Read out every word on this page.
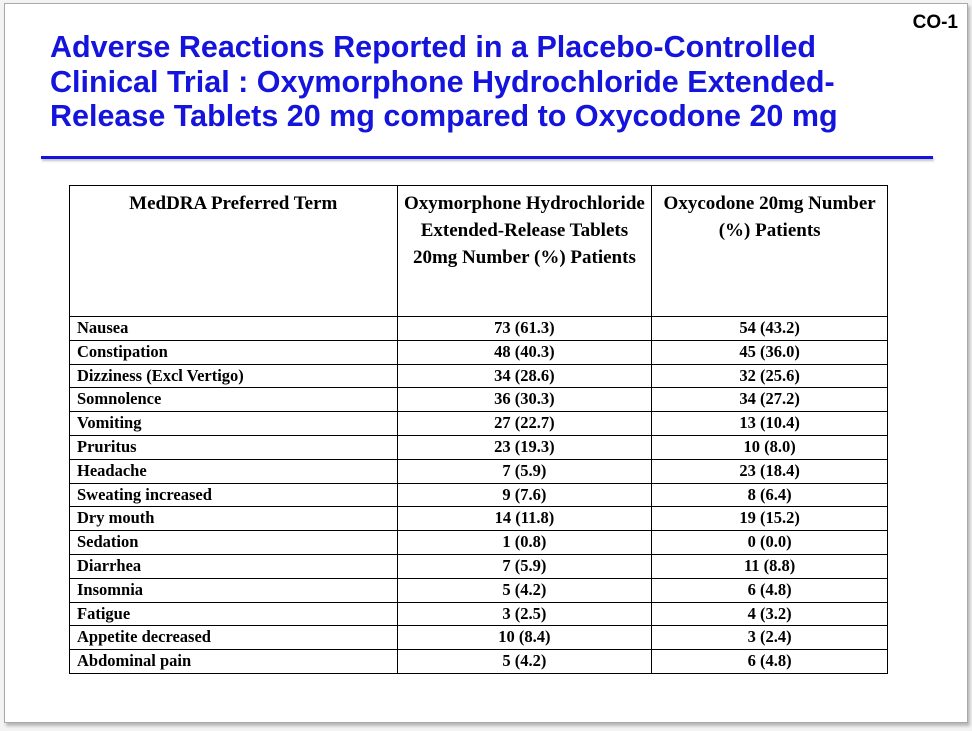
CO-1
Adverse Reactions Reported in a Placebo-Controlled Clinical Trial : Oxymorphone Hydrochloride Extended-Release Tablets 20 mg compared to Oxycodone 20 mg
MedDRA Preferred Term	Oxymorphone Hydrochloride Extended-Release Tablets 20mg Number (%) Patients	Oxycodone 20mg Number (%) Patients
Nausea	73 (61.3)	54 (43.2)
Constipation	48 (40.3)	45 (36.0)
Dizziness (Excl Vertigo)	34 (28.6)	32 (25.6)
Somnolence	36 (30.3)	34 (27.2)
Vomiting	27 (22.7)	13 (10.4)
Pruritus	23 (19.3)	10 (8.0)
Headache	7 (5.9)	23 (18.4)
Sweating increased	9 (7.6)	8 (6.4)
Dry mouth	14 (11.8)	19 (15.2)
Sedation	1 (0.8)	0 (0.0)
Diarrhea	7 (5.9)	11 (8.8)
Insomnia	5 (4.2)	6 (4.8)
Fatigue	3 (2.5)	4 (3.2)
Appetite decreased	10 (8.4)	3 (2.4)
Abdominal pain	5 (4.2)	6 (4.8)
